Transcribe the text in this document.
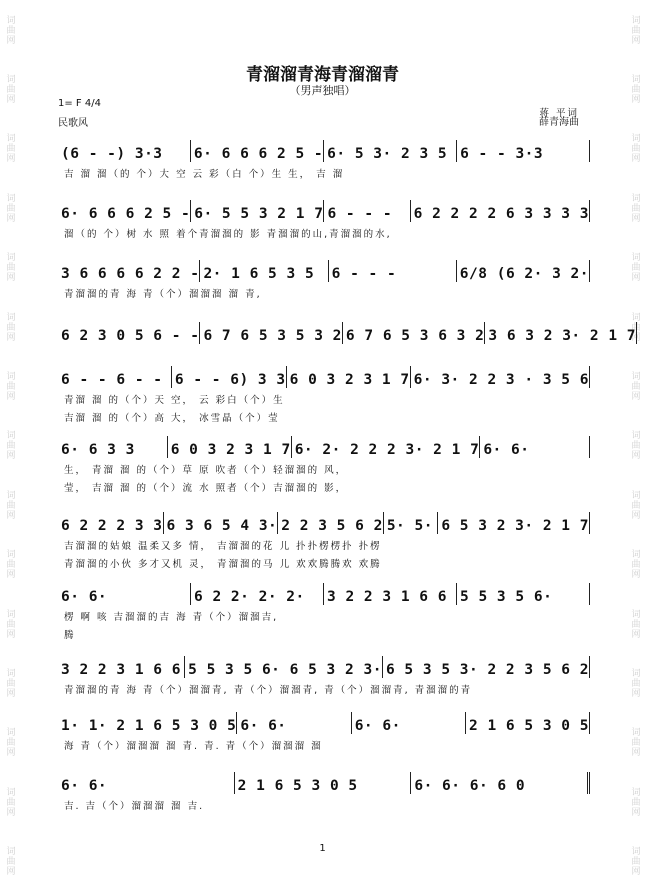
词曲网
词曲网
词曲网
词曲网
词曲网
词曲网
词曲网
词曲网
词曲网
词曲网
词曲网
词曲网
词曲网
词曲网
词曲网
词曲网
词曲网
词曲网
词曲网
词曲网
词曲网
词曲网
词曲网
词曲网
词曲网
词曲网
词曲网
词曲网
词曲网
词曲网
青溜溜青海青溜溜青
（男声独唱）
1= F 4/4
民歌风
蒋 平词
薛青海曲
(6 - -) 3·3	6· 6 6 6 2 5 - 6· 5 3· 2 3 5 6 - - 3·3
吉 溜 溜（的 个）大 空 云 彩（白 个）生 生， 吉 溜
6· 6 6 6 2 5 - 6· 5 5 3 2 1 7 6 - - -	6 2 2 2 2 6 3 3 3 3
溜（的 个）树 水 照 着个青溜溜的 影 青溜溜的山,青溜溜的水,
3 6 6 6 6 2 2 - 2· 1 6 5 3 5	6 - - -	6/8 (6 2· 3 2·
青溜溜的青 海 青（个）溜溜溜 溜 青,
6 2 3 0 5 6 - - 6 7 6 5 3 5 3 2 6 7 6 5 3 6 3 2 3 6 3 2 3· 2 1 7
6 - - 6 - - 6 - - 6) 3 3 6 0 3 2 3 1 7 6· 3· 2 2 3 · 3 5 6
青溜 溜 的（个）天 空， 云 彩白（个）生
吉溜 溜 的（个）高 大， 冰雪晶（个）莹
6· 6 3 3	6 0 3 2 3 1 7 6· 2· 2 2 2 3· 2 1 7 6· 6·
生， 青溜 溜 的（个）草 原 吹者（个）轻溜溜的 风，
莹， 吉溜 溜 的（个）流 水 照者（个）吉溜溜的 影，
6 2 2 2 3 3 6 3 6 5 4 3· 2 2 3 5 6 2 5· 5· 6 5 3 2 3· 2 1 7
吉溜溜的姑娘 温柔又多 情， 吉溜溜的花 儿 扑扑楞楞扑 扑楞
青溜溜的小伙 多才又机 灵， 青溜溜的马 儿 欢欢腾腾欢 欢腾
6· 6·	6 2 2· 2· 2·	3 2 2 3 1 6 6 5 5 3 5 6·
楞 啊 咳 吉溜溜的吉 海 青（个）溜溜吉,
腾
3 2 2 3 1 6 6 5 5 3 5 6· 6 5 3 2 3· 6 5 3 5 3· 2 2 3 5 6 2
青溜溜的青 海 青（个）溜溜青, 青（个）溜溜青, 青（个）溜溜青, 青溜溜的青
1· 1· 2 1 6 5 3 0 5 6· 6·	6· 6·	2 1 6 5 3 0 5
海 青（个）溜溜溜 溜 青. 青. 青（个）溜溜溜 溜
6· 6·	2 1 6 5 3 0 5	6· 6· 6· 6 0
吉. 吉（个）溜溜溜 溜 吉.
1
